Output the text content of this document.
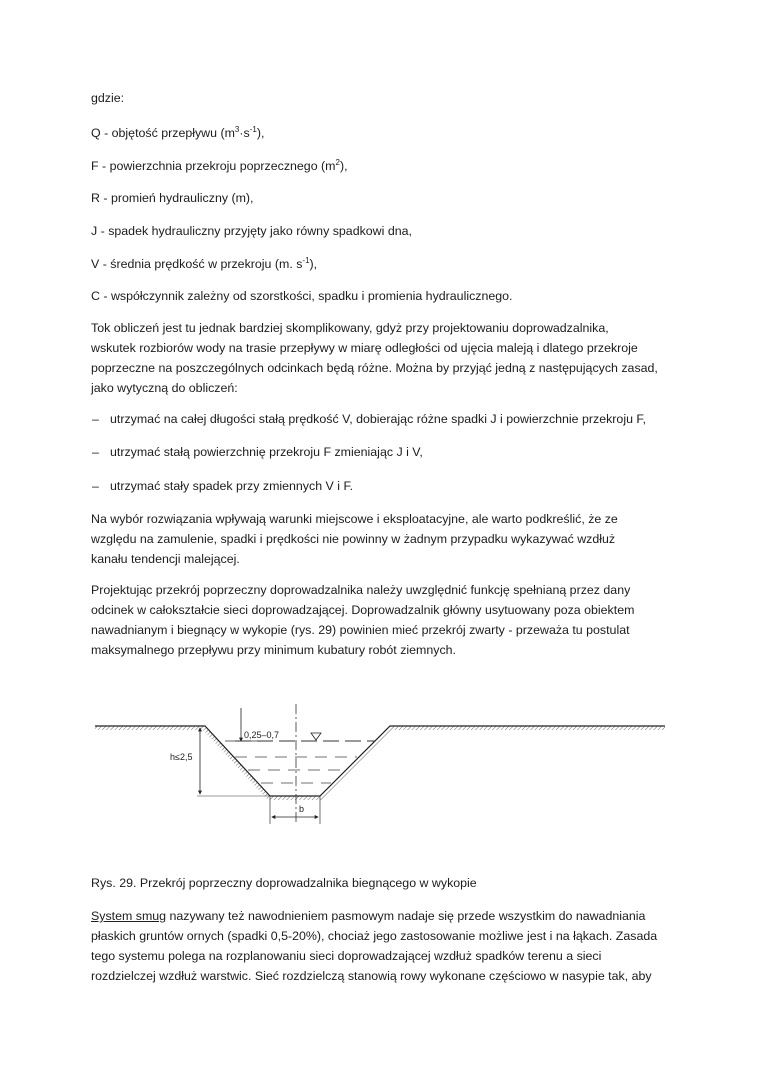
gdzie:
Q - objętość przepływu $(m^3\cdot s^{-1})$,
F - powierzchnia przekroju poprzecznego $(m^2)$,
R - promień hydrauliczny (m),
J - spadek hydrauliczny przyjęty jako równy spadkowi dna,
V - średnia prędkość w przekroju (m. $s^{-1}$),
C - współczynnik zależny od szorstkości, spadku i promienia hydraulicznego.
Tok obliczeń jest tu jednak bardziej skomplikowany, gdyż przy projektowaniu doprowadzalnika,
wskutek rozbiorów wody na trasie przepływy w miarę odległości od ujęcia maleją i dlatego przekroje
poprzeczne na poszczególnych odcinkach będą różne. Można by przyjąć jedną z następujących zasad,
jako wytyczną do obliczeń:
– utrzymać na całej długości stałą prędkość V, dobierając różne spadki J i powierzchnie przekroju F,
– utrzymać stałą powierzchnię przekroju F zmieniając J i V,
– utrzymać stały spadek przy zmiennych V i F.
Na wybór rozwiązania wpływają warunki miejscowe i eksploatacyjne, ale warto podkreślić, że ze
względu na zamulenie, spadki i prędkości nie powinny w żadnym przypadku wykazywać wzdłuż
kanału tendencji malejącej.
Projektując przekrój poprzeczny doprowadzalnika należy uwzględnić funkcję spełnianą przez dany
odcinek w całokształcie sieci doprowadzającej. Doprowadzalnik główny usytuowany poza obiektem
nawadnianym i biegnący w wykopie (rys. 29) powinien mieć przekrój zwarty - przeważa tu postulat
maksymalnego przepływu przy minimum kubatury robót ziemnych.
0,25–0,7
h≤2,5
b
Rys. 29. Przekrój poprzeczny doprowadzalnika biegnącego w wykopie
System smug nazywany też nawodnieniem pasmowym nadaje się przede wszystkim do nawadniania
płaskich gruntów ornych (spadki 0,5-20%), chociaż jego zastosowanie możliwe jest i na łąkach. Zasada
tego systemu polega na rozplanowaniu sieci doprowadzającej wzdłuż spadków terenu a sieci
rozdzielczej wzdłuż warstwic. Sieć rozdzielczą stanowią rowy wykonane częściowo w nasypie tak, aby
